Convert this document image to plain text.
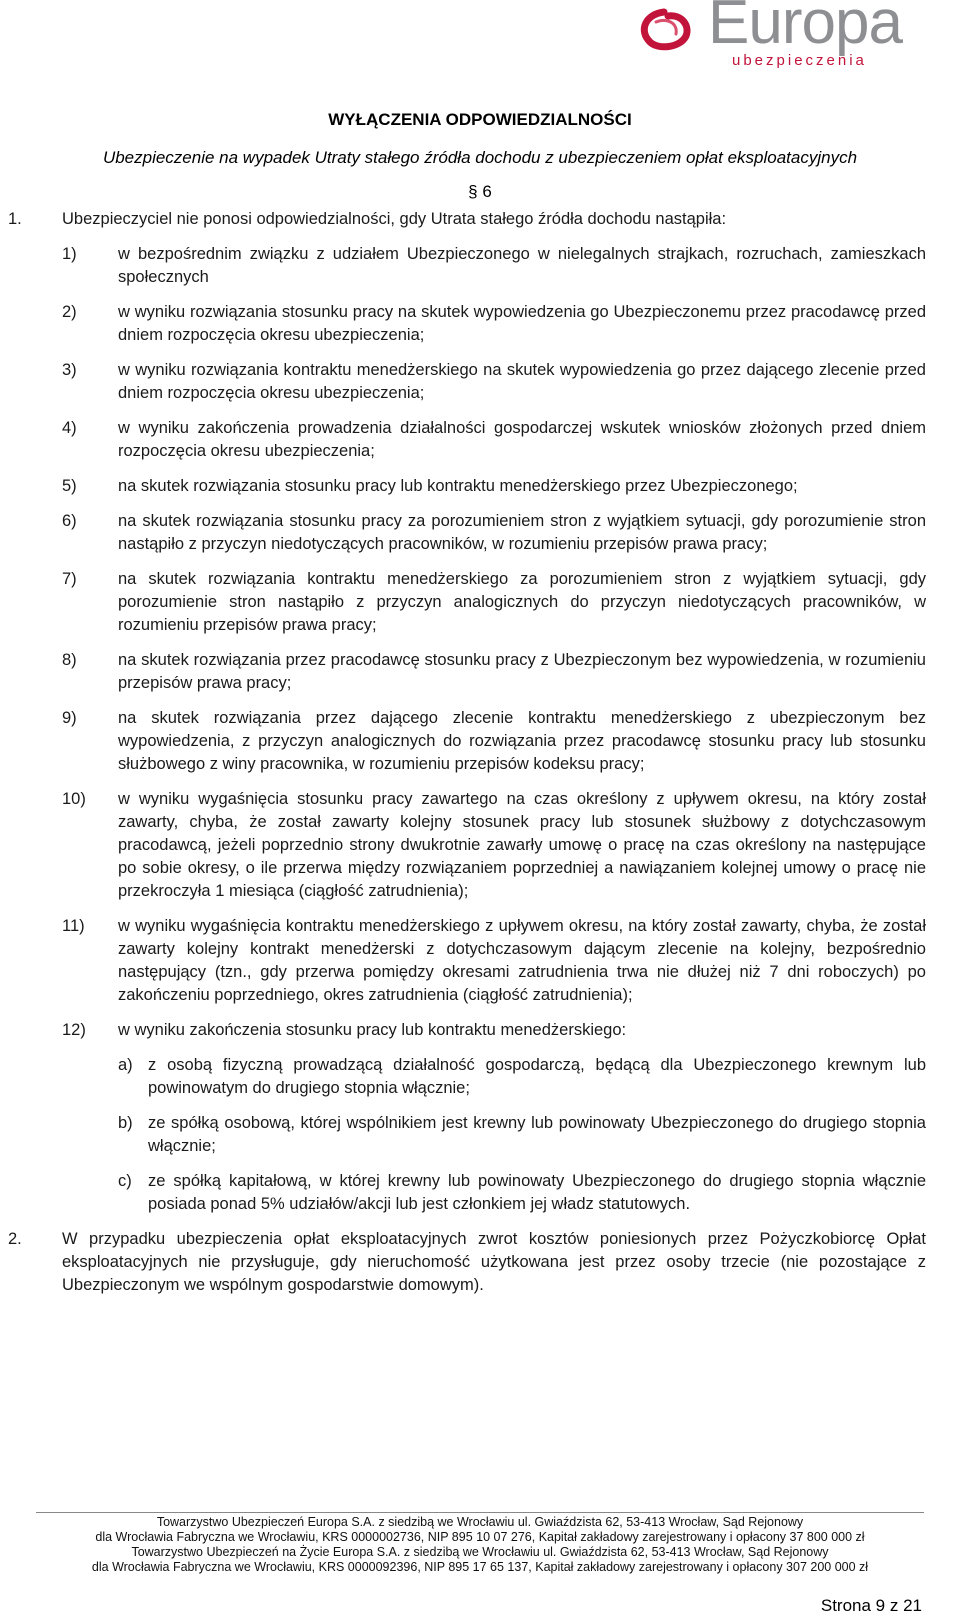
Europa
ubezpieczenia
WYŁĄCZENIA ODPOWIEDZIALNOŚCI
Ubezpieczenie na wypadek Utraty stałego źródła dochodu z ubezpieczeniem opłat eksploatacyjnych
§ 6
1. Ubezpieczyciel nie ponosi odpowiedzialności, gdy Utrata stałego źródła dochodu nastąpiła:
1)	w bezpośrednim związku z udziałem Ubezpieczonego w nielegalnych strajkach, rozruchach, zamieszkach społecznych
2)	w wyniku rozwiązania stosunku pracy na skutek wypowiedzenia go Ubezpieczonemu przez pracodawcę przed dniem rozpoczęcia okresu ubezpieczenia;
3)	w wyniku rozwiązania kontraktu menedżerskiego na skutek wypowiedzenia go przez dającego zlecenie przed dniem rozpoczęcia okresu ubezpieczenia;
4)	w wyniku zakończenia prowadzenia działalności gospodarczej wskutek wniosków złożonych przed dniem rozpoczęcia okresu ubezpieczenia;
5)	na skutek rozwiązania stosunku pracy lub kontraktu menedżerskiego przez Ubezpieczonego;
6)	na skutek rozwiązania stosunku pracy za porozumieniem stron z wyjątkiem sytuacji, gdy porozumienie stron nastąpiło z przyczyn niedotyczących pracowników, w rozumieniu przepisów prawa pracy;
7)	na skutek rozwiązania kontraktu menedżerskiego za porozumieniem stron z wyjątkiem sytuacji, gdy porozumienie stron nastąpiło z przyczyn analogicznych do przyczyn niedotyczących pracowników, w rozumieniu przepisów prawa pracy;
8)	na skutek rozwiązania przez pracodawcę stosunku pracy z Ubezpieczonym bez wypowiedzenia, w rozumieniu przepisów prawa pracy;
9)	na skutek rozwiązania przez dającego zlecenie kontraktu menedżerskiego z ubezpieczonym bez wypowiedzenia, z przyczyn analogicznych do rozwiązania przez pracodawcę stosunku pracy lub stosunku służbowego z winy pracownika, w rozumieniu przepisów kodeksu pracy;
10) w wyniku wygaśnięcia stosunku pracy zawartego na czas określony z upływem okresu, na który został zawarty, chyba, że został zawarty kolejny stosunek pracy lub stosunek służbowy z dotychczasowym pracodawcą, jeżeli poprzednio strony dwukrotnie zawarły umowę o pracę na czas określony na następujące po sobie okresy, o ile przerwa między rozwiązaniem poprzedniej a nawiązaniem kolejnej umowy o pracę nie przekroczyła 1 miesiąca (ciągłość zatrudnienia);
11) w wyniku wygaśnięcia kontraktu menedżerskiego z upływem okresu, na który został zawarty, chyba, że został zawarty kolejny kontrakt menedżerski z dotychczasowym dającym zlecenie na kolejny, bezpośrednio następujący (tzn., gdy przerwa pomiędzy okresami zatrudnienia trwa nie dłużej niż 7 dni roboczych) po zakończeniu poprzedniego, okres zatrudnienia (ciągłość zatrudnienia);
12) w wyniku zakończenia stosunku pracy lub kontraktu menedżerskiego:
a) z osobą fizyczną prowadzącą działalność gospodarczą, będącą dla Ubezpieczonego krewnym lub powinowatym do drugiego stopnia włącznie;
b) ze spółką osobową, której wspólnikiem jest krewny lub powinowaty Ubezpieczonego do drugiego stopnia włącznie;
c) ze spółką kapitałową, w której krewny lub powinowaty Ubezpieczonego do drugiego stopnia włącznie posiada ponad 5% udziałów/akcji lub jest członkiem jej władz statutowych.
2. W przypadku ubezpieczenia opłat eksploatacyjnych zwrot kosztów poniesionych przez Pożyczkobiorcę Opłat eksploatacyjnych nie przysługuje, gdy nieruchomość użytkowana jest przez osoby trzecie (nie pozostające z Ubezpieczonym we wspólnym gospodarstwie domowym).
Towarzystwo Ubezpieczeń Europa S.A. z siedzibą we Wrocławiu ul. Gwiaździsta 62, 53-413 Wrocław, Sąd Rejonowy
dla Wrocławia Fabryczna we Wrocławiu, KRS 0000002736, NIP 895 10 07 276, Kapitał zakładowy zarejestrowany i opłacony 37 800 000 zł
Towarzystwo Ubezpieczeń na Życie Europa S.A. z siedzibą we Wrocławiu ul. Gwiaździsta 62, 53-413 Wrocław, Sąd Rejonowy
dla Wrocławia Fabryczna we Wrocławiu, KRS 0000092396, NIP 895 17 65 137, Kapitał zakładowy zarejestrowany i opłacony 307 200 000 zł
Strona 9 z 21
